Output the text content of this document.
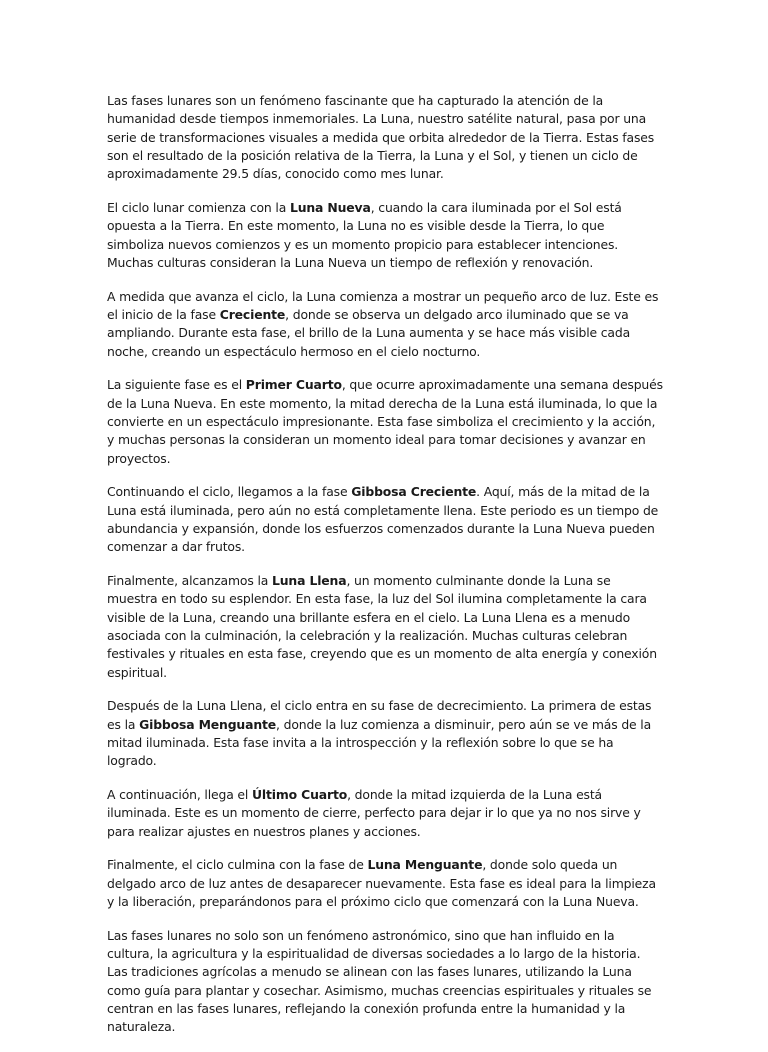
Las fases lunares son un fenómeno fascinante que ha capturado la atención de la humanidad desde tiempos inmemoriales. La Luna, nuestro satélite natural, pasa por una serie de transformaciones visuales a medida que orbita alrededor de la Tierra. Estas fases son el resultado de la posición relativa de la Tierra, la Luna y el Sol, y tienen un ciclo de aproximadamente 29.5 días, conocido como mes lunar.

El ciclo lunar comienza con la Luna Nueva, cuando la cara iluminada por el Sol está opuesta a la Tierra. En este momento, la Luna no es visible desde la Tierra, lo que simboliza nuevos comienzos y es un momento propicio para establecer intenciones. Muchas culturas consideran la Luna Nueva un tiempo de reflexión y renovación.

A medida que avanza el ciclo, la Luna comienza a mostrar un pequeño arco de luz. Este es el inicio de la fase Creciente, donde se observa un delgado arco iluminado que se va ampliando. Durante esta fase, el brillo de la Luna aumenta y se hace más visible cada noche, creando un espectáculo hermoso en el cielo nocturno.

La siguiente fase es el Primer Cuarto, que ocurre aproximadamente una semana después de la Luna Nueva. En este momento, la mitad derecha de la Luna está iluminada, lo que la convierte en un espectáculo impresionante. Esta fase simboliza el crecimiento y la acción, y muchas personas la consideran un momento ideal para tomar decisiones y avanzar en proyectos.

Continuando el ciclo, llegamos a la fase Gibbosa Creciente. Aquí, más de la mitad de la Luna está iluminada, pero aún no está completamente llena. Este periodo es un tiempo de abundancia y expansión, donde los esfuerzos comenzados durante la Luna Nueva pueden comenzar a dar frutos.

Finalmente, alcanzamos la Luna Llena, un momento culminante donde la Luna se muestra en todo su esplendor. En esta fase, la luz del Sol ilumina completamente la cara visible de la Luna, creando una brillante esfera en el cielo. La Luna Llena es a menudo asociada con la culminación, la celebración y la realización. Muchas culturas celebran festivales y rituales en esta fase, creyendo que es un momento de alta energía y conexión espiritual.

Después de la Luna Llena, el ciclo entra en su fase de decrecimiento. La primera de estas es la Gibbosa Menguante, donde la luz comienza a disminuir, pero aún se ve más de la mitad iluminada. Esta fase invita a la introspección y la reflexión sobre lo que se ha logrado.

A continuación, llega el Último Cuarto, donde la mitad izquierda de la Luna está iluminada. Este es un momento de cierre, perfecto para dejar ir lo que ya no nos sirve y para realizar ajustes en nuestros planes y acciones.

Finalmente, el ciclo culmina con la fase de Luna Menguante, donde solo queda un delgado arco de luz antes de desaparecer nuevamente. Esta fase es ideal para la limpieza y la liberación, preparándonos para el próximo ciclo que comenzará con la Luna Nueva.

Las fases lunares no solo son un fenómeno astronómico, sino que han influido en la cultura, la agricultura y la espiritualidad de diversas sociedades a lo largo de la historia. Las tradiciones agrícolas a menudo se alinean con las fases lunares, utilizando la Luna como guía para plantar y cosechar. Asimismo, muchas creencias espirituales y rituales se centran en las fases lunares, reflejando la conexión profunda entre la humanidad y la naturaleza.
